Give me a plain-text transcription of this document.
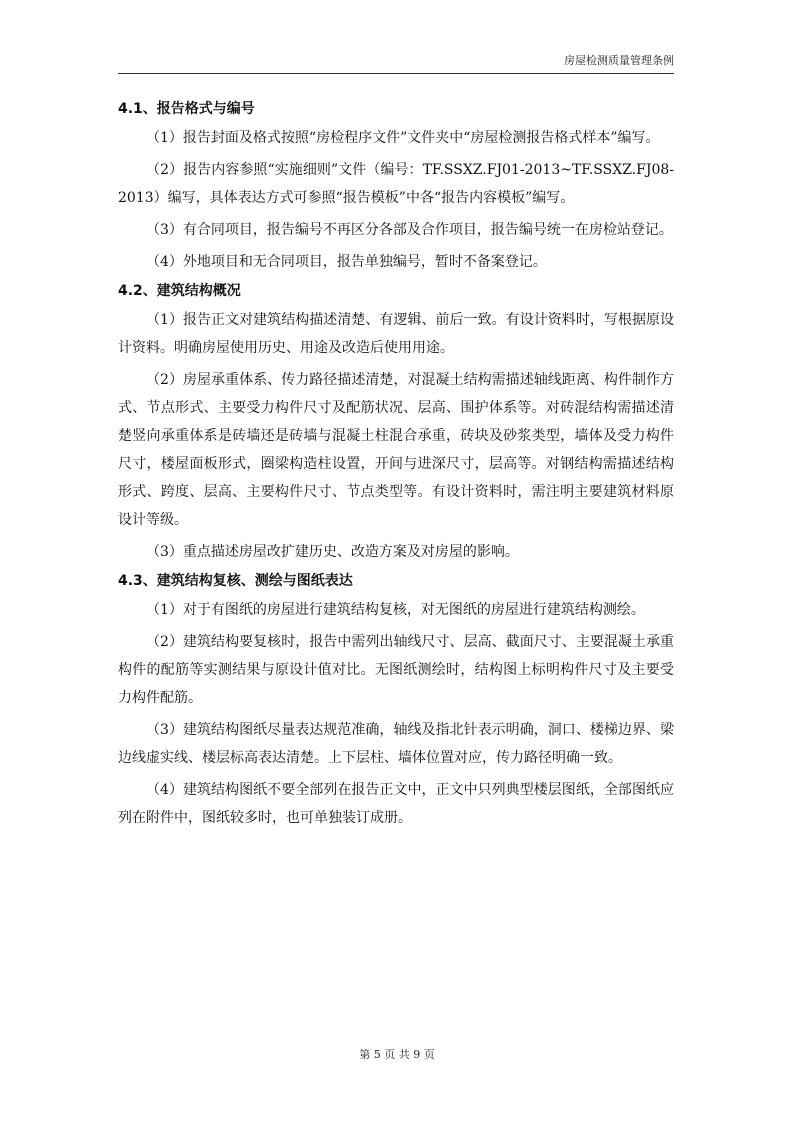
房屋检测质量管理条例
4.1、报告格式与编号

（1）报告封面及格式按照“房检程序文件”文件夹中“房屋检测报告格式样本”编写。

（2）报告内容参照“实施细则”文件（编号：TF.SSXZ.FJ01-2013~TF.SSXZ.FJ08-2013）编写，具体表达方式可参照“报告模板”中各“报告内容模板”编写。

（3）有合同项目，报告编号不再区分各部及合作项目，报告编号统一在房检站登记。

（4）外地项目和无合同项目，报告单独编号，暂时不备案登记。

4.2、建筑结构概况

（1）报告正文对建筑结构描述清楚、有逻辑、前后一致。有设计资料时，写根据原设计资料。明确房屋使用历史、用途及改造后使用用途。

（2）房屋承重体系、传力路径描述清楚，对混凝土结构需描述轴线距离、构件制作方式、节点形式、主要受力构件尺寸及配筋状况、层高、围护体系等。对砖混结构需描述清楚竖向承重体系是砖墙还是砖墙与混凝土柱混合承重，砖块及砂浆类型，墙体及受力构件尺寸，楼屋面板形式，圈梁构造柱设置，开间与进深尺寸，层高等。对钢结构需描述结构形式、跨度、层高、主要构件尺寸、节点类型等。有设计资料时，需注明主要建筑材料原设计等级。

（3）重点描述房屋改扩建历史、改造方案及对房屋的影响。

4.3、建筑结构复核、测绘与图纸表达

（1）对于有图纸的房屋进行建筑结构复核，对无图纸的房屋进行建筑结构测绘。

（2）建筑结构要复核时，报告中需列出轴线尺寸、层高、截面尺寸、主要混凝土承重构件的配筋等实测结果与原设计值对比。无图纸测绘时，结构图上标明构件尺寸及主要受力构件配筋。

（3）建筑结构图纸尽量表达规范准确，轴线及指北针表示明确，洞口、楼梯边界、梁边线虚实线、楼层标高表达清楚。上下层柱、墙体位置对应，传力路径明确一致。

（4）建筑结构图纸不要全部列在报告正文中，正文中只列典型楼层图纸，全部图纸应列在附件中，图纸较多时，也可单独装订成册。

第 5 页 共 9 页
